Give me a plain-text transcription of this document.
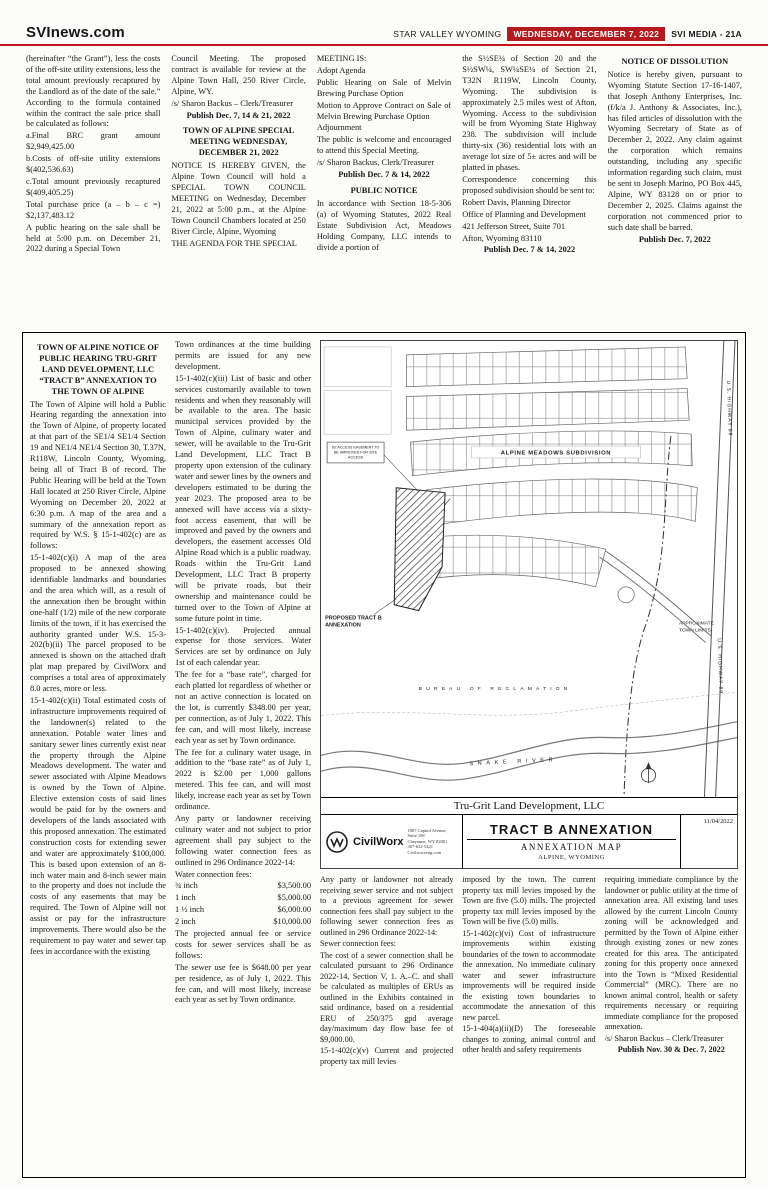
SVInews.com	STAR VALLEY WYOMING	WEDNESDAY, DECEMBER 7, 2022	SVI MEDIA - 21A
(hereinafter “the Grant”), less the costs of the off-site utility extensions, less the total amount previously recaptured by the Landlord as of the date of the sale.” According to the formula contained within the contract the sale price shall be calculated as follows:
a.Final BRC grant amount $2,949,425.00
b.Costs of off-site utility extensions $(402,536.63)
c.Total amount previously recaptured $(409,405.25)
Total purchase price (a – b – c =) $2,137,483.12
A public hearing on the sale shall be held at 5:00 p.m. on December 21, 2022 during a Special Town
Council Meeting. The proposed contract is available for review at the Alpine Town Hall, 250 River Circle, Alpine, WY.
/s/ Sharon Backus – Clerk/Treasurer
Publish Dec. 7, 14 & 21, 2022
TOWN OF ALPINE SPECIAL MEETING WEDNESDAY, DECEMBER 21, 2022
NOTICE IS HEREBY GIVEN, the Alpine Town Council will hold a SPECIAL TOWN COUNCIL MEETING on Wednesday, December 21, 2022 at 5:00 p.m., at the Alpine Town Council Chambers located at 250 River Circle, Alpine, Wyoming
THE AGENDA FOR THE SPECIAL
MEETING IS:
Adopt Agenda
Public Hearing on Sale of Melvin Brewing Purchase Option
Motion to Approve Contract on Sale of Melvin Brewing Purchase Option
Adjournment
The public is welcome and encouraged to attend this Special Meeting.
/s/ Sharon Backus, Clerk/Treasurer
Publish Dec. 7 & 14, 2022
PUBLIC NOTICE
In accordance with Section 18-5-306 (a) of Wyoming Statutes, 2022 Real Estate Subdivision Act, Meadows Holding Company, LLC intends to divide a portion of
the S½SE¼ of Section 20 and the S½SW¼, SW¼SE¼ of Section 21, T32N R119W, Lincoln County, Wyoming. The subdivision is approximately 2.5 miles west of Afton, Wyoming. Access to the subdivision will be from Wyoming State Highway 238. The subdivision will include thirty-six (36) residential lots with an average lot size of 5± acres and will be platted in phases.
Correspondence concerning this proposed subdivision should be sent to:
Robert Davis, Planning Director
Office of Planning and Development
421 Jefferson Street, Suite 701
Afton, Wyoming 83110
Publish Dec. 7 & 14, 2022
NOTICE OF DISSOLUTION
Notice is hereby given, pursuant to Wyoming Statute Section 17-16-1407, that Joseph Anthony Enterprises, Inc. (f/k/a J. Anthony & Associates, Inc.), has filed articles of dissolution with the Wyoming Secretary of State as of December 2, 2022. Any claim against the corporation which remains outstanding, including any specific information regarding such claim, must be sent to Joseph Marino, PO Box 445, Alpine, WY 83128 on or prior to December 2, 2025. Claims against the corporation not commenced prior to such date shall be barred.
Publish Dec. 7, 2022
TOWN OF ALPINE NOTICE OF PUBLIC HEARING TRU-GRIT LAND DEVELOPMENT, LLC “TRACT B” ANNEXATION TO THE TOWN OF ALPINE
The Town of Alpine will hold a Public Hearing regarding the annexation into the Town of Alpine, of property located at that part of the SE1/4 SE1/4 Section 19 and NE1/4 NE1/4 Section 30, T.37N, R118W, Lincoln County, Wyoming, being all of Tract B of record. The Public Hearing will be held at the Town Hall located at 250 River Circle, Alpine Wyoming on December 20, 2022 at 6:30 p.m. A map of the area and a summary of the annexation report as required by W.S. § 15-1-402(c) are as follows:
15-1-402(c)(i) A map of the area proposed to be annexed showing identifiable landmarks and boundaries and the area which will, as a result of the annexation then be brought within one-half (1/2) mile of the new corporate limits of the town, if it has exercised the authority granted under W.S. 15-3-202(b)(ii) The parcel proposed to be annexed is shown on the attached draft plat map prepared by CivilWorx and comprises a total area of approximately 8.0 acres, more or less.
15-1-402(c)(ii) Total estimated costs of infrastructure improvements required of the landowner(s) related to the annexation. Potable water lines and sanitary sewer lines currently exist near the property through the Alpine Meadows development. The water and sewer associated with Alpine Meadows is owned by the Town of Alpine. Elective extension costs of said lines would be paid for by the owners and developers of the lands associated with this proposed annexation. The estimated construction costs for extending sewer and water are approximately $100,000. This is based upon extension of an 8-inch water main and 8-inch sewer main to the property and does not include the costs of any easements that may be required. The Town of Alpine will not assist or pay for the infrastructure improvements. There would also be the requirement to pay water and sewer tap fees in accordance with the existing
Town ordinances at the time building permits are issued for any new development.
15-1-402(c)(iii) List of basic and other services customarily available to town residents and when they reasonably will be available to the area. The basic municipal services provided by the Town of Alpine, culinary water and sewer, will be available to the Tru-Grit Land Development, LLC Tract B property upon extension of the culinary water and sewer lines by the owners and developers estimated to be during the year 2023. The proposed area to be annexed will have access via a sixty-foot access easement, that will be improved and paved by the owners and developers, the easement accesses Old Alpine Road which is a public roadway. Roads within the Tru-Grit Land Development, LLC Tract B property will be private roads, but their ownership and maintenance could be turned over to the Town of Alpine at some future point in time.
15-1-402(c)(iv). Projected annual expense for those services. Water Services are set by ordinance on July 1st of each calendar year.
The fee for a “base rate”, charged for each platted lot regardless of whether or not an active connection is located on the lot, is currently $348.00 per year, per connection, as of July 1, 2022. This fee can, and will most likely, increase each year as set by Town ordinance.
The fee for a culinary water usage, in addition to the “base rate” as of July 1, 2022 is $2.00 per 1,000 gallons metered. This fee can, and will most likely, increase each year as set by Town ordinance.
Any party or landowner receiving culinary water and not subject to prior agreement shall pay subject to the following water connection fees as outlined in 296 Ordinance 2022-14:
Water connection fees:
¾ inch	$3,500.00
1 inch	$5,000.00
1 ½ inch	$6,000.00
2 inch	$10,000.00
The projected annual fee or service costs for sewer services shall be as follows:
The sewer use fee is $648.00 per year per residence, as of July 1, 2022. This fee can, and will most likely, increase each year as set by Town ordinance.
ALPINE MEADOWS SUBDIVISION
PROPOSED TRACT B
ANNEXATION
60' ACCESS EASEMENT TO
BE IMPROVED FOR SITE
ACCESS
APPROXIMATE
TOWN LIMITS
BUREAU OF RECLAMATION
SNAKE RIVER
U.S. HIGHWAY 89
U.S. HIGHWAY 89
Tru-Grit Land Development, LLC
CivilWorx
1807 Capitol Avenue,
Suite 108
Cheyenne, WY 82001
307-632-5421
Civilworxeng.com
TRACT B ANNEXATION
ANNEXATION MAP
ALPINE, WYOMING
11/04/2022
Any party or landowner not already receiving sewer service and not subject to a previous agreement for sewer connection fees shall pay subject to the following sewer connection fees as outlined in 296 Ordinance 2022-14:
Sewer connection fees:
The cost of a sewer connection shall be calculated pursuant to 296 Ordinance 2022-14, Section V, 1. A.–C. and shall be calculated as multiples of ERUs as outlined in the Exhibits contained in said ordinance, based on a residential ERU of 250/375 gpd average day/maximum day flow base fee of $9,000.00.
15-1-402(c)(v) Current and projected property tax mill levies
imposed by the town. The current property tax mill levies imposed by the Town are five (5.0) mills. The projected property tax mill levies imposed by the Town will be five (5.0) mills.
15-1-402(c)(vi) Cost of infrastructure improvements within existing boundaries of the town to accommodate the annexation. No immediate culinary water and sewer infrastructure improvements will be required inside the existing town boundaries to accommodate the annexation of this new parcel.
15-1-404(a)(ii)(D) The foreseeable changes to zoning, animal control and other health and safety requirements
requiring immediate compliance by the landowner or public utility at the time of annexation area. All existing land uses allowed by the current Lincoln County zoning will be acknowledged and permitted by the Town of Alpine either through existing zones or new zones created for this area. The anticipated zoning for this property once annexed into the Town is “Mixed Residential Commercial” (MRC). There are no known animal control, health or safety requirements necessary or requiring immediate compliance for the proposed annexation.
/s/ Sharon Backus – Clerk/Treasurer
Publish Nov. 30 & Dec. 7, 2022
